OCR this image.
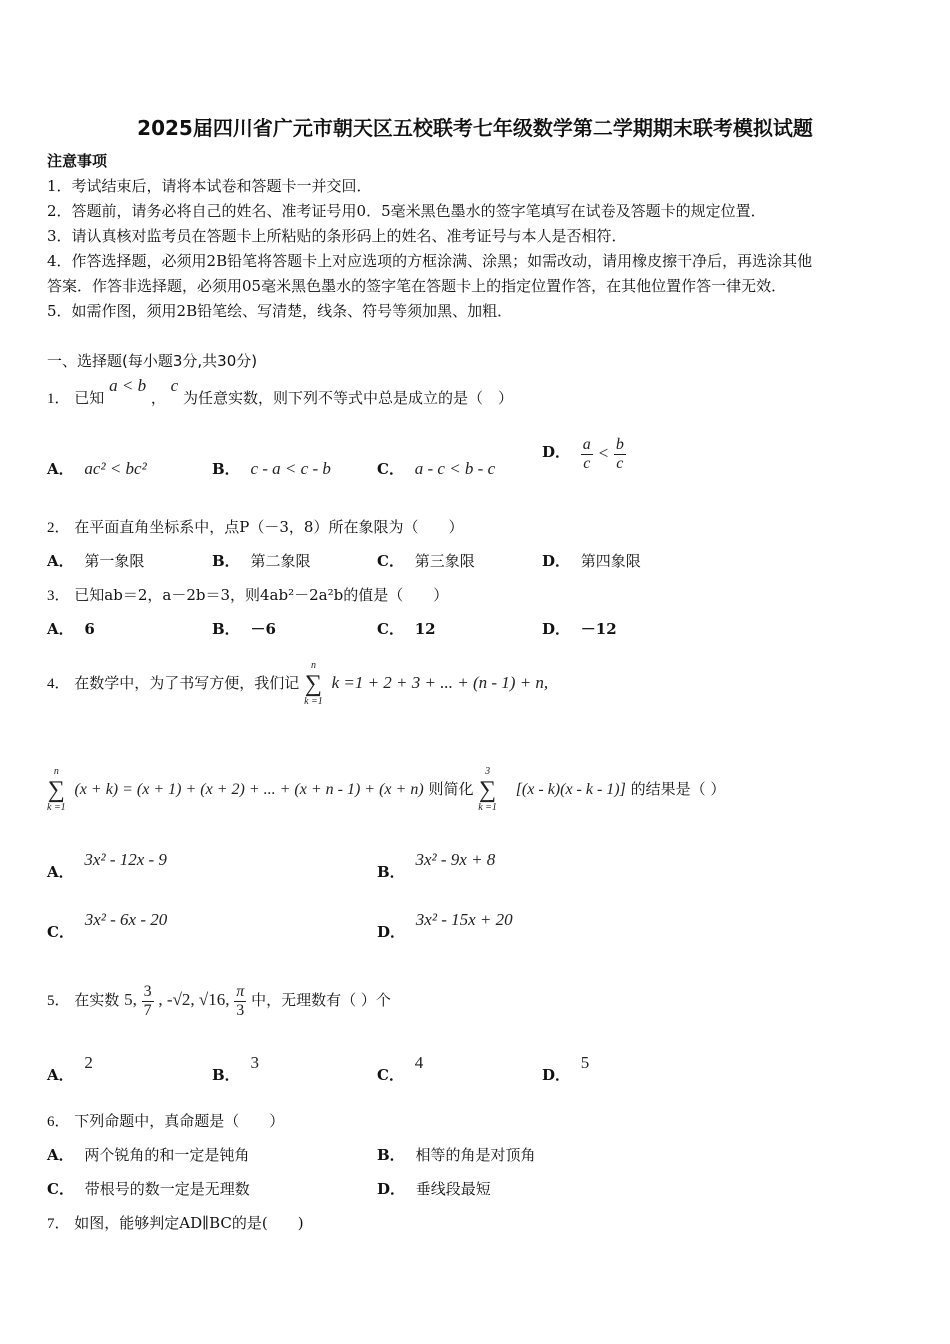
2025届四川省广元市朝天区五校联考七年级数学第二学期期末联考模拟试题
注意事项
1．考试结束后，请将本试卷和答题卡一并交回．
2．答题前，请务必将自己的姓名、准考证号用0．5毫米黑色墨水的签字笔填写在试卷及答题卡的规定位置．
3．请认真核对监考员在答题卡上所粘贴的条形码上的姓名、准考证号与本人是否相符．
4．作答选择题，必须用2B铅笔将答题卡上对应选项的方框涂满、涂黑；如需改动，请用橡皮擦干净后，再选涂其他
答案．作答非选择题，必须用05毫米黑色墨水的签字笔在答题卡上的指定位置作答，在其他位置作答一律无效．
5．如需作图，须用2B铅笔绘、写清楚，线条、符号等须加黑、加粗．
一、选择题(每小题3分,共30分)
1． 已知 a < b ， c 为任意实数，则下列不等式中总是成立的是（　）
A． ac² < bc²	B． c - a < c - b	C． a - c < b - c
D． $\frac{a}{c} < \frac{b}{c}$
2． 在平面直角坐标系中，点P（－3，8）所在象限为（　　）
A． 第一象限	B． 第二象限	C． 第三象限	D． 第四象限
3． 已知ab＝2，a－2b＝3，则4ab²－2a²b的值是（　　）
A． 6	B． －6	C． 12	D． －12
4． 在数学中，为了书写方便，我们记
n
∑
k =1
k =1 + 2 + 3 + ... + (n - 1) + n,
n
∑
k =1
(x + k) = (x + 1) + (x + 2) + ... + (x + n - 1) + (x + n) 则简化
3
∑
k =1
[(x - k)(x - k - 1)] 的结果是（ ）
A． 3x² - 12x - 9
B． 3x² - 9x + 8
C． 3x² - 6x - 20
D． 3x² - 15x + 20
5． 在实数 5, $\frac{3}{7}$ , -√2, √16, $\frac{\pi}{3}$ 中，无理数有（ ）个
A． 2
B． 3
C． 4
D． 5
6． 下列命题中，真命题是（　　）
A． 两个锐角的和一定是钝角	B． 相等的角是对顶角
C． 带根号的数一定是无理数	D． 垂线段最短
7． 如图，能够判定AD∥BC的是(　　)
